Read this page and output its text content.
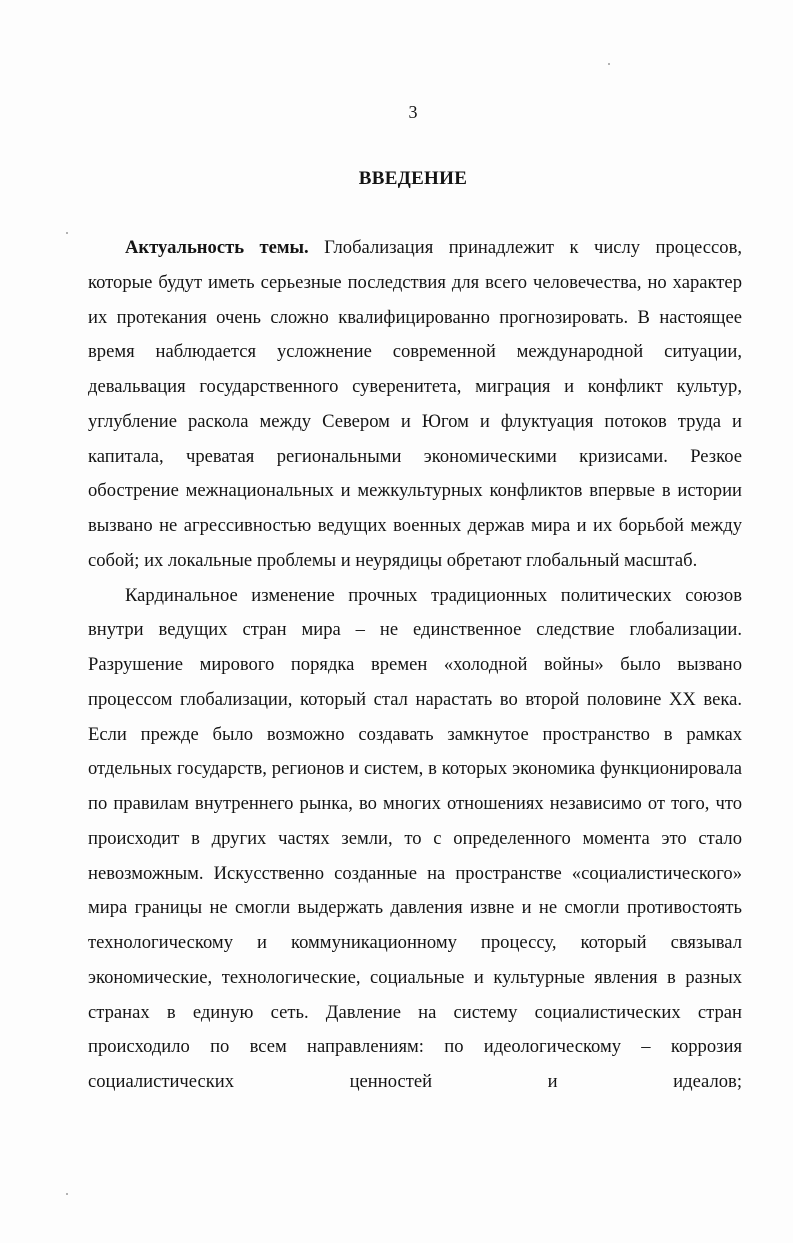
3
ВВЕДЕНИЕ

Актуальность темы. Глобализация принадлежит к числу процессов, которые будут иметь серьезные последствия для всего человечества, но характер их протекания очень сложно квалифицированно прогнозировать. В настоящее время наблюдается усложнение современной международной ситуации, девальвация государственного суверенитета, миграция и конфликт культур, углубление раскола между Севером и Югом и флуктуация потоков труда и капитала, чреватая региональными экономическими кризисами. Резкое обострение межнациональных и межкультурных конфликтов впервые в истории вызвано не агрессивностью ведущих военных держав мира и их борьбой между собой; их локальные проблемы и неурядицы обретают глобальный масштаб.

Кардинальное изменение прочных традиционных политических союзов внутри ведущих стран мира – не единственное следствие глобализации. Разрушение мирового порядка времен «холодной войны» было вызвано процессом глобализации, который стал нарастать во второй половине XX века. Если прежде было возможно создавать замкнутое пространство в рамках отдельных государств, регионов и систем, в которых экономика функционировала по правилам внутреннего рынка, во многих отношениях независимо от того, что происходит в других частях земли, то с определенного момента это стало невозможным. Искусственно созданные на пространстве «социалистического» мира границы не смогли выдержать давления извне и не смогли противостоять технологическому и коммуникационному процессу, который связывал экономические, технологические, социальные и культурные явления в разных странах в единую сеть. Давление на систему социалистических стран происходило по всем направлениям: по идеологическому – коррозия социалистических ценностей и идеалов;
